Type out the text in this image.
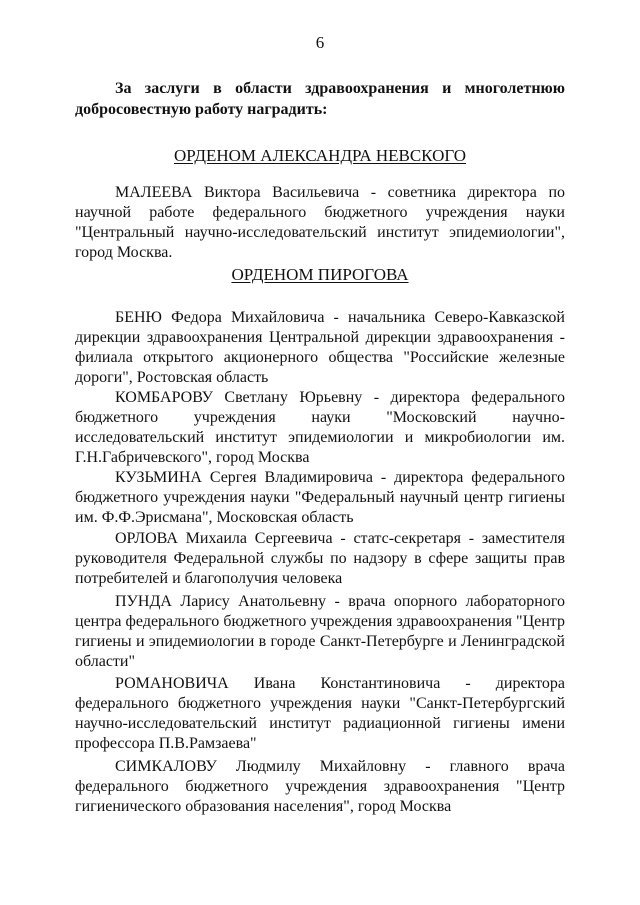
6
За заслуги в области здравоохранения и многолетнюю добросовестную работу наградить:
ОРДЕНОМ АЛЕКСАНДРА НЕВСКОГО
МАЛЕЕВА Виктора Васильевича - советника директора по научной работе федерального бюджетного учреждения науки "Центральный научно-исследовательский институт эпидемиологии", город Москва.
ОРДЕНОМ ПИРОГОВА
БЕНЮ Федора Михайловича - начальника Северо-Кавказской дирекции здравоохранения Центральной дирекции здравоохранения - филиала открытого акционерного общества "Российские железные дороги", Ростовская область
КОМБАРОВУ Светлану Юрьевну - директора федерального бюджетного учреждения науки "Московский научно-исследовательский институт эпидемиологии и микробиологии им. Г.Н.Габричевского", город Москва
КУЗЬМИНА Сергея Владимировича - директора федерального бюджетного учреждения науки "Федеральный научный центр гигиены им. Ф.Ф.Эрисмана", Московская область
ОРЛОВА Михаила Сергеевича - статс-секретаря - заместителя руководителя Федеральной службы по надзору в сфере защиты прав потребителей и благополучия человека
ПУНДА Ларису Анатольевну - врача опорного лабораторного центра федерального бюджетного учреждения здравоохранения "Центр гигиены и эпидемиологии в городе Санкт-Петербурге и Ленинградской области"
РОМАНОВИЧА Ивана Константиновича - директора федерального бюджетного учреждения науки "Санкт-Петербургский научно-исследовательский институт радиационной гигиены имени профессора П.В.Рамзаева"
СИМКАЛОВУ Людмилу Михайловну - главного врача федерального бюджетного учреждения здравоохранения "Центр гигиенического образования населения", город Москва
